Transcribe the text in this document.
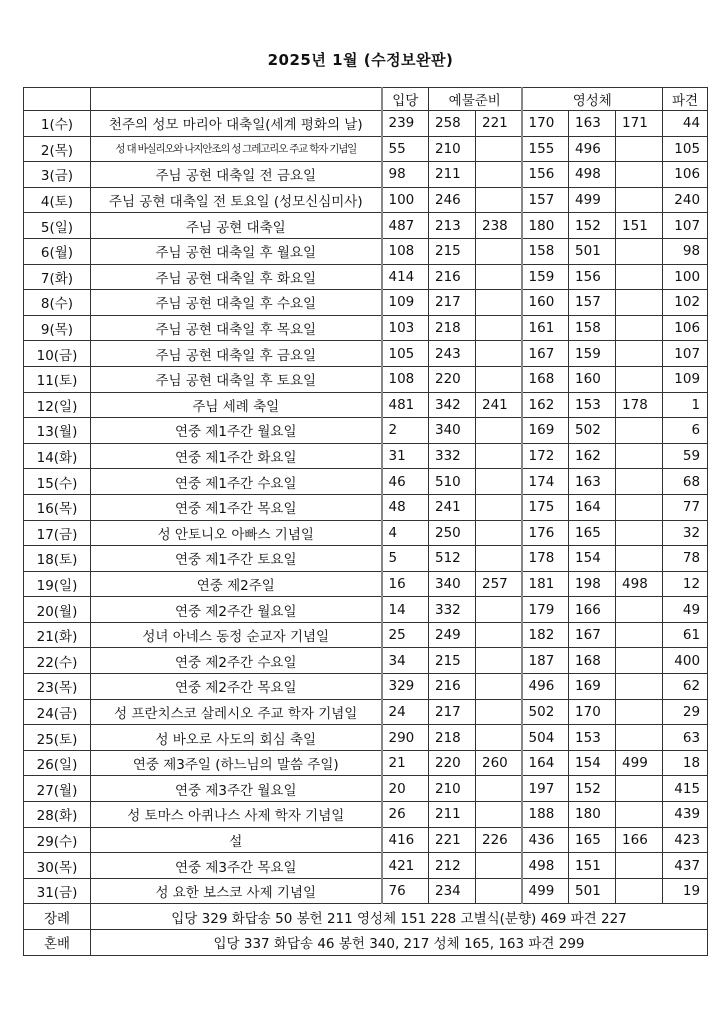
2025년 1월 (수정보완판)
		입당	예물준비		영성체			파견
1(수)	천주의 성모 마리아 대축일(세계 평화의 날)	239	258	221	170	163	171	44
2(목)	성 대 바실리오와 나지안조의 성 그레고리오 주교 학자 기념일	55	210		155	496		105
3(금)	주님 공현 대축일 전 금요일	98	211		156	498		106
4(토)	주님 공현 대축일 전 토요일 (성모신심미사)	100	246		157	499		240
5(일)	주님 공현 대축일	487	213	238	180	152	151	107
6(월)	주님 공현 대축일 후 월요일	108	215		158	501		98
7(화)	주님 공현 대축일 후 화요일	414	216		159	156		100
8(수)	주님 공현 대축일 후 수요일	109	217		160	157		102
9(목)	주님 공현 대축일 후 목요일	103	218		161	158		106
10(금)	주님 공현 대축일 후 금요일	105	243		167	159		107
11(토)	주님 공현 대축일 후 토요일	108	220		168	160		109
12(일)	주님 세례 축일	481	342	241	162	153	178	1
13(월)	연중 제1주간 월요일	2	340		169	502		6
14(화)	연중 제1주간 화요일	31	332		172	162		59
15(수)	연중 제1주간 수요일	46	510		174	163		68
16(목)	연중 제1주간 목요일	48	241		175	164		77
17(금)	성 안토니오 아빠스 기념일	4	250		176	165		32
18(토)	연중 제1주간 토요일	5	512		178	154		78
19(일)	연중 제2주일	16	340	257	181	198	498	12
20(월)	연중 제2주간 월요일	14	332		179	166		49
21(화)	성녀 아네스 동정 순교자 기념일	25	249		182	167		61
22(수)	연중 제2주간 수요일	34	215		187	168		400
23(목)	연중 제2주간 목요일	329	216		496	169		62
24(금)	성 프란치스코 살레시오 주교 학자 기념일	24	217		502	170		29
25(토)	성 바오로 사도의 회심 축일	290	218		504	153		63
26(일)	연중 제3주일 (하느님의 말씀 주일)	21	220	260	164	154	499	18
27(월)	연중 제3주간 월요일	20	210		197	152		415
28(화)	성 토마스 아퀴나스 사제 학자 기념일	26	211		188	180		439
29(수)	설	416	221	226	436	165	166	423
30(목)	연중 제3주간 목요일	421	212		498	151		437
31(금)	성 요한 보스코 사제 기념일	76	234		499	501		19
장례	입당 329 화답송 50 봉헌 211 영성체 151 228 고별식(분향) 469 파견 227							
혼배	입당 337 화답송 46 봉헌 340, 217 성체 165, 163 파견 299							
